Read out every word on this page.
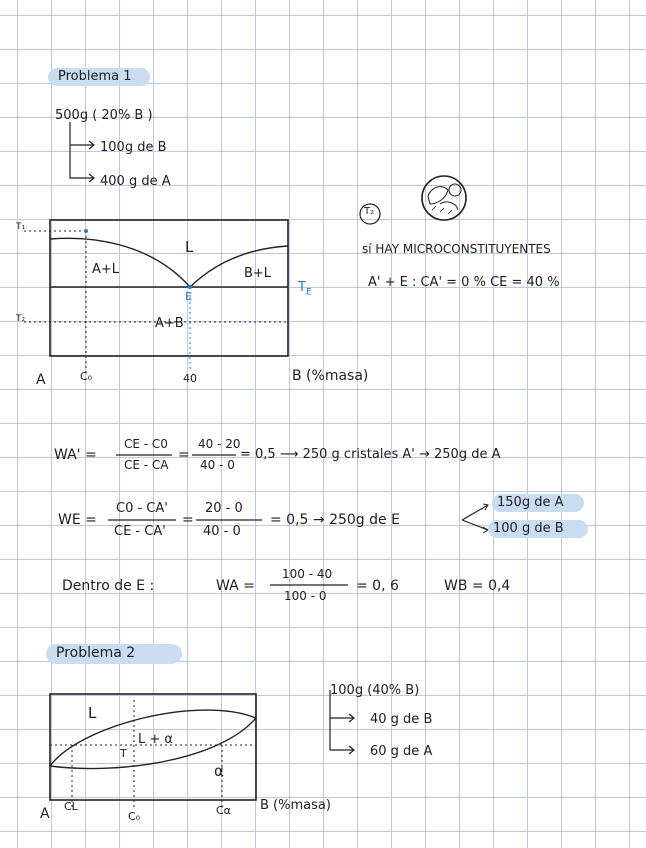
Problema 1
500g ( 20% B )
100g de B
400 g de A
T₁
T₂
L
A+L	B+L
A+B
E
$T_E$
A	C₀	40	B (%masa)
T₂
sí HAY MICROCONSTITUYENTES
A' + E : CA' = 0 % CE = 40 %
WA' =
CE - C0
CE - CA
=
40 - 20
40 - 0
= 0,5 ⟶ 250 g cristales A' → 250g de A
WE =
C0 - CA'
CE - CA'
=
20 - 0
40 - 0
= 0,5 → 250g de E
150g de A
100 g de B
Dentro de E :	WA =
100 - 40
100 - 0
= 0, 6	WB = 0,4
Problema 2
100g (40% B)
40 g de B
60 g de A
L
L + α
T
α
A CL
C₀	Cα B (%masa)
